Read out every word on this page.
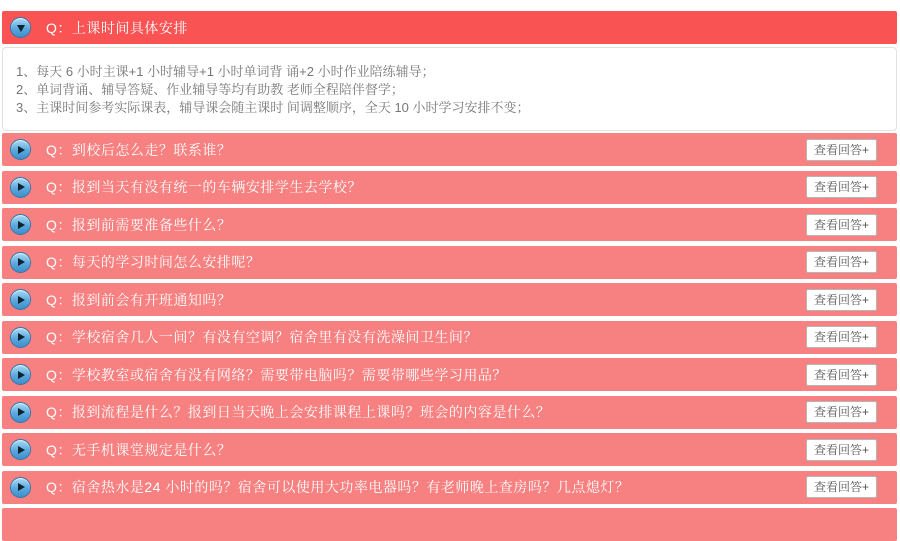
Q：上课时间具体安排

1、每天 6 小时主课+1 小时辅导+1 小时单词背 诵+2 小时作业陪练辅导；

2、单词背诵、辅导答疑、作业辅导等均有助教 老师全程陪伴督学；

3、主课时间参考实际课表，辅导课会随主课时 间调整顺序，全天 10 小时学习安排不变；

Q：到校后怎么走？联系谁？	查看回答+
Q：报到当天有没有统一的车辆安排学生去学校？	查看回答+
Q：报到前需要准备些什么？	查看回答+
Q：每天的学习时间怎么安排呢？	查看回答+
Q：报到前会有开班通知吗？	查看回答+
Q：学校宿舍几人一间？有没有空调？宿舍里有没有洗澡间卫生间？	查看回答+
Q：学校教室或宿舍有没有网络？需要带电脑吗？需要带哪些学习用品？	查看回答+
Q：报到流程是什么？报到日当天晚上会安排课程上课吗？班会的内容是什么？	查看回答+
Q：无手机课堂规定是什么？	查看回答+
Q：宿舍热水是24 小时的吗？宿舍可以使用大功率电器吗？有老师晚上查房吗？几点熄灯？	查看回答+
